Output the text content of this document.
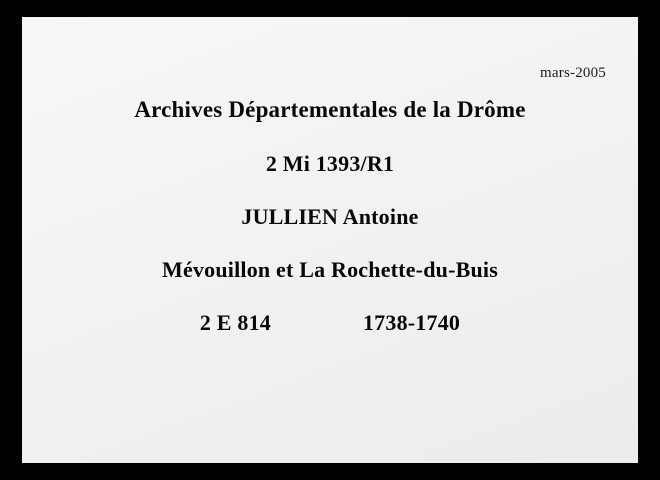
mars-2005
Archives Départementales de la Drôme
2 Mi 1393/R1
JULLIEN Antoine
Mévouillon et La Rochette-du-Buis
2 E 814	1738-1740
